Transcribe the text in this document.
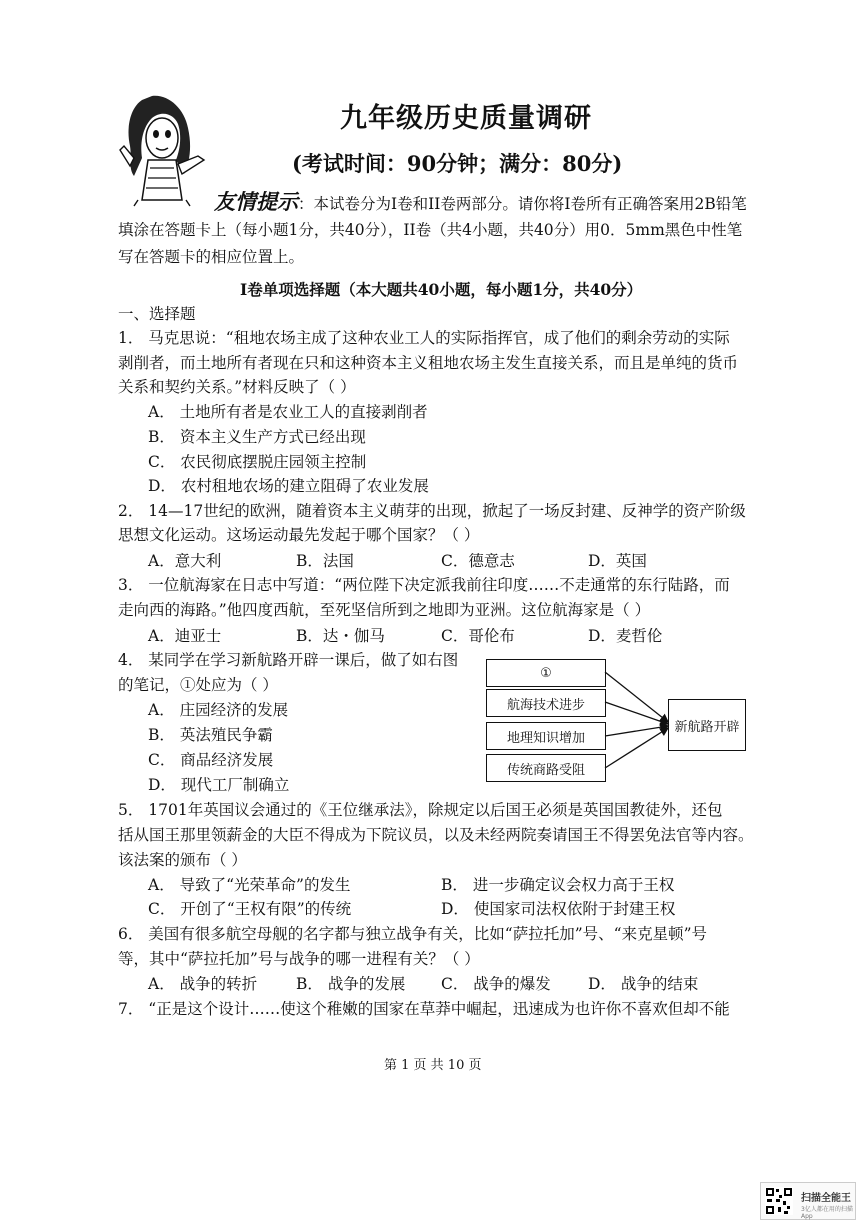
九年级历史质量调研
(考试时间：90分钟；满分：80分)
友情提示：本试卷分为I卷和II卷两部分。请你将I卷所有正确答案用2B铅笔
填涂在答题卡上（每小题1分，共40分），II卷（共4小题，共40分）用0．5mm黑色中性笔
写在答题卡的相应位置上。
I卷单项选择题（本大题共40小题，每小题1分，共40分）
一、选择题
1． 马克思说：“租地农场主成了这种农业工人的实际指挥官，成了他们的剩余劳动的实际
剥削者，而土地所有者现在只和这种资本主义租地农场主发生直接关系，而且是单纯的货币
关系和契约关系。”材料反映了（ ）
A． 土地所有者是农业工人的直接剥削者
B． 资本主义生产方式已经出现
C． 农民彻底摆脱庄园领主控制
D． 农村租地农场的建立阻碍了农业发展
2． 14—17世纪的欧洲，随着资本主义萌芽的出现，掀起了一场反封建、反神学的资产阶级
思想文化运动。这场运动最先发起于哪个国家？（ ）
A．意大利	B．法国	C．德意志	D．英国
3． 一位航海家在日志中写道：“两位陛下决定派我前往印度……不走通常的东行陆路，而
走向西的海路。”他四度西航，至死坚信所到之地即为亚洲。这位航海家是（ ）
A．迪亚士	B．达・伽马	C．哥伦布	D．麦哲伦
4． 某同学在学习新航路开辟一课后，做了如右图
的笔记，①处应为（ ）
A． 庄园经济的发展
B． 英法殖民争霸
C． 商品经济发展
D． 现代工厂制确立
①
航海技术进步
地理知识增加
传统商路受阻
新航路开辟
5． 1701年英国议会通过的《王位继承法》，除规定以后国王必须是英国国教徒外，还包
括从国王那里领薪金的大臣不得成为下院议员，以及未经两院奏请国王不得罢免法官等内容。
该法案的颁布（ ）
A． 导致了“光荣革命”的发生	B． 进一步确定议会权力高于王权
C． 开创了“王权有限”的传统	D． 使国家司法权依附于封建王权
6． 美国有很多航空母舰的名字都与独立战争有关，比如“萨拉托加”号、“来克星顿”号
等，其中“萨拉托加”号与战争的哪一进程有关？（ ）
A． 战争的转折	B． 战争的发展 C． 战争的爆发 D． 战争的结束
7． “正是这个设计……使这个稚嫩的国家在草莽中崛起，迅速成为也许你不喜欢但却不能
第 1 页 共 10 页
扫描全能王
3亿人都在用的扫描App
